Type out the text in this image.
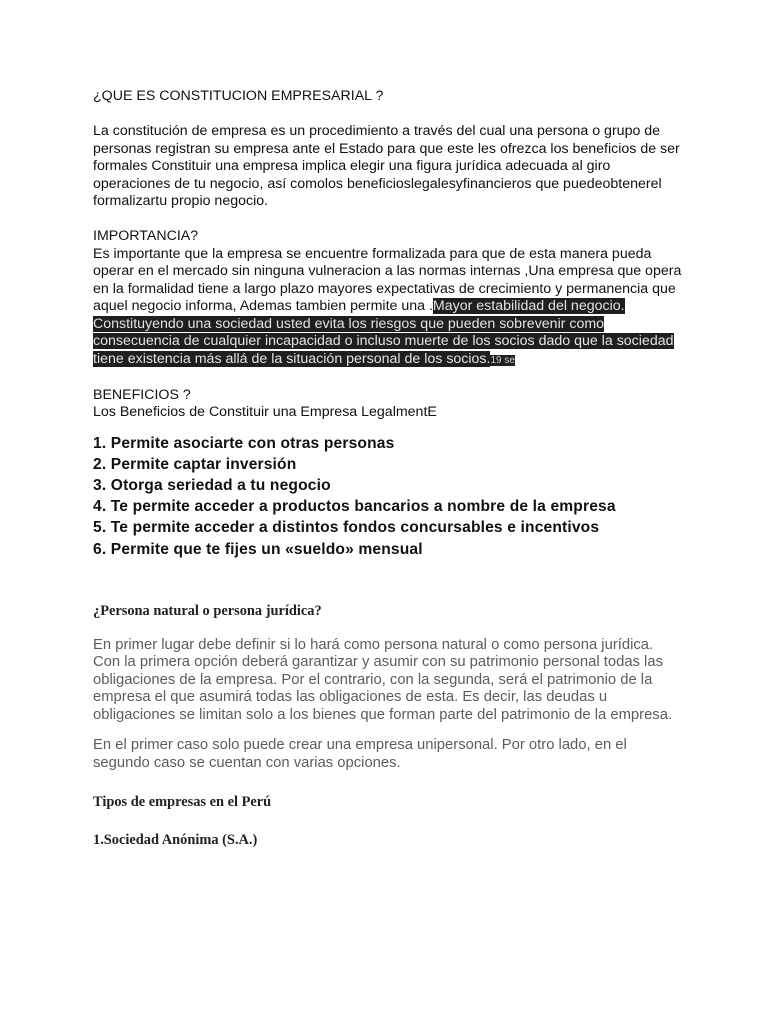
¿QUE ES CONSTITUCION EMPRESARIAL ?

La constitución de empresa es un procedimiento a través del cual una persona o grupo de personas registran su empresa ante el Estado para que este les ofrezca los beneficios de ser formales Constituir una empresa implica elegir una figura jurídica adecuada al giro operaciones de tu negocio, así comolos beneficioslegalesyfinancieros que puedeobtenerel formalizartu propio negocio.

IMPORTANCIA?

Es importante que la empresa se encuentre formalizada para que de esta manera pueda operar en el mercado sin ninguna vulneracion a las normas internas ,Una empresa que opera en la formalidad tiene a largo plazo mayores expectativas de crecimiento y permanencia que aquel negocio informa, Ademas tambien permite una .Mayor estabilidad del negocio. Constituyendo una sociedad usted evita los riesgos que pueden sobrevenir como consecuencia de cualquier incapacidad o incluso muerte de los socios dado que la sociedad tiene existencia más allá de la situación personal de los socios.19 se

BENEFICIOS ?

Los Beneficios de Constituir una Empresa LegalmentE

1. Permite asociarte con otras personas
2. Permite captar inversión
3. Otorga seriedad a tu negocio
4. Te permite acceder a productos bancarios a nombre de la empresa
5. Te permite acceder a distintos fondos concursables e incentivos
6. Permite que te fijes un «sueldo» mensual

¿Persona natural o persona jurídica?

En primer lugar debe definir si lo hará como persona natural o como persona jurídica. Con la primera opción deberá garantizar y asumir con su patrimonio personal todas las obligaciones de la empresa. Por el contrario, con la segunda, será el patrimonio de la empresa el que asumirá todas las obligaciones de esta. Es decir, las deudas u obligaciones se limitan solo a los bienes que forman parte del patrimonio de la empresa.

En el primer caso solo puede crear una empresa unipersonal. Por otro lado, en el segundo caso se cuentan con varias opciones.

Tipos de empresas en el Perú

1.Sociedad Anónima (S.A.)
